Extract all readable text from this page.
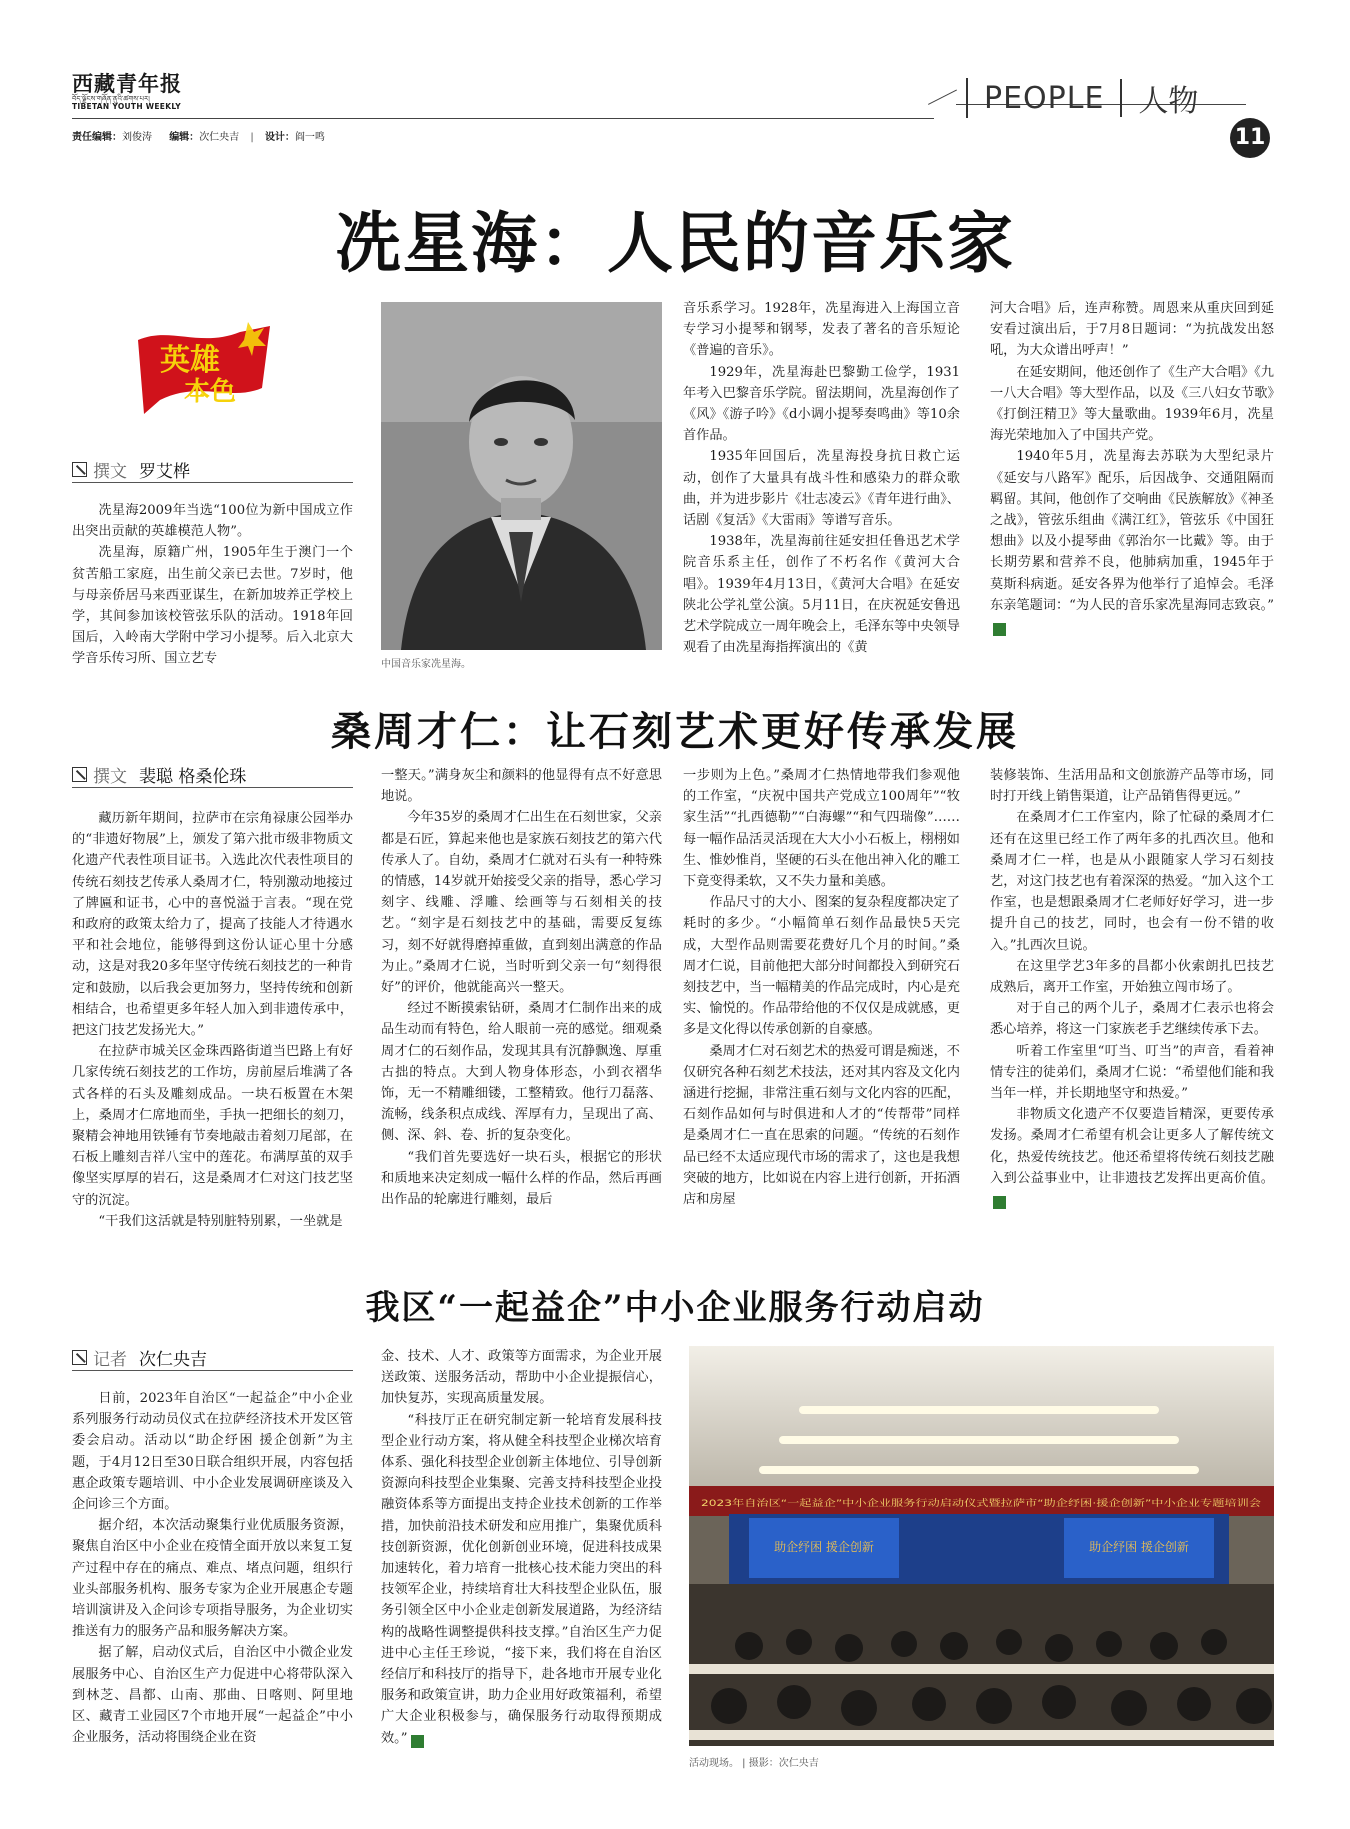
西藏青年报
བོད་ལྗོངས་གཞོན་ནུའི་ཚགས་པར།
TIBETAN YOUTH WEEKLY
责任编辑：刘俊涛 编辑：次仁央吉 | 设计：阎一鸣
PEOPLE 人物
11
冼星海：人民的音乐家
英雄
本色
撰文 罗艾桦

冼星海2009年当选“100位为新中国成立作出突出贡献的英雄模范人物”。

冼星海，原籍广州，1905年生于澳门一个贫苦船工家庭，出生前父亲已去世。7岁时，他与母亲侨居马来西亚谋生，在新加坡养正学校上学，其间参加该校管弦乐队的活动。1918年回国后，入岭南大学附中学习小提琴。后入北京大学音乐传习所、国立艺专	中国音乐家冼星海。

音乐系学习。1928年，冼星海进入上海国立音专学习小提琴和钢琴，发表了著名的音乐短论《普遍的音乐》。

1929年，冼星海赴巴黎勤工俭学，1931年考入巴黎音乐学院。留法期间，冼星海创作了《风》《游子吟》《d小调小提琴奏鸣曲》等10余首作品。

1935年回国后，冼星海投身抗日救亡运动，创作了大量具有战斗性和感染力的群众歌曲，并为进步影片《壮志凌云》《青年进行曲》、话剧《复活》《大雷雨》等谱写音乐。

1938年，冼星海前往延安担任鲁迅艺术学院音乐系主任，创作了不朽名作《黄河大合唱》。1939年4月13日，《黄河大合唱》在延安陕北公学礼堂公演。5月11日，在庆祝延安鲁迅艺术学院成立一周年晚会上，毛泽东等中央领导观看了由冼星海指挥演出的《黄

河大合唱》后，连声称赞。周恩来从重庆回到延安看过演出后，于7月8日题词：“为抗战发出怒吼，为大众谱出呼声！”

在延安期间，他还创作了《生产大合唱》《九一八大合唱》等大型作品，以及《三八妇女节歌》《打倒汪精卫》等大量歌曲。1939年6月，冼星海光荣地加入了中国共产党。

1940年5月，冼星海去苏联为大型纪录片《延安与八路军》配乐，后因战争、交通阻隔而羁留。其间，他创作了交响曲《民族解放》《神圣之战》，管弦乐组曲《满江红》，管弦乐《中国狂想曲》以及小提琴曲《郭治尔一比戴》等。由于长期劳累和营养不良，他肺病加重，1945年于莫斯科病逝。延安各界为他举行了追悼会。毛泽东亲笔题词：“为人民的音乐家冼星海同志致哀。”青

桑周才仁：让石刻艺术更好传承发展
撰文 裴聪 格桑伦珠

藏历新年期间，拉萨市在宗角禄康公园举办的“非遗好物展”上，颁发了第六批市级非物质文化遗产代表性项目证书。入选此次代表性项目的传统石刻技艺传承人桑周才仁，特别激动地接过了牌匾和证书，心中的喜悦溢于言表。“现在党和政府的政策太给力了，提高了技能人才待遇水平和社会地位，能够得到这份认证心里十分感动，这是对我20多年坚守传统石刻技艺的一种肯定和鼓励，以后我会更加努力，坚持传统和创新相结合，也希望更多年轻人加入到非遗传承中，把这门技艺发扬光大。”

在拉萨市城关区金珠西路街道当巴路上有好几家传统石刻技艺的工作坊，房前屋后堆满了各式各样的石头及雕刻成品。一块石板置在木架上，桑周才仁席地而坐，手执一把细长的刻刀，聚精会神地用铁锤有节奏地敲击着刻刀尾部，在石板上雕刻吉祥八宝中的莲花。布满厚茧的双手像坚实厚厚的岩石，这是桑周才仁对这门技艺坚守的沉淀。

“干我们这活就是特别脏特别累，一坐就是

一整天。”满身灰尘和颜料的他显得有点不好意思地说。

今年35岁的桑周才仁出生在石刻世家，父亲都是石匠，算起来他也是家族石刻技艺的第六代传承人了。自幼，桑周才仁就对石头有一种特殊的情感，14岁就开始接受父亲的指导，悉心学习刻字、线雕、浮雕、绘画等与石刻相关的技艺。“刻字是石刻技艺中的基础，需要反复练习，刻不好就得磨掉重做，直到刻出满意的作品为止。”桑周才仁说，当时听到父亲一句“刻得很好”的评价，他就能高兴一整天。

经过不断摸索钻研，桑周才仁制作出来的成品生动而有特色，给人眼前一亮的感觉。细观桑周才仁的石刻作品，发现其具有沉静飘逸、厚重古拙的特点。大到人物身体形态，小到衣褶华饰，无一不精雕细镂，工整精致。他行刀磊落、流畅，线条积点成线、浑厚有力，呈现出了高、侧、深、斜、卷、折的复杂变化。

“我们首先要选好一块石头，根据它的形状和质地来决定刻成一幅什么样的作品，然后再画出作品的轮廓进行雕刻，最后

一步则为上色。”桑周才仁热情地带我们参观他的工作室，“庆祝中国共产党成立100周年”“牧家生活”“扎西德勒”“白海螺”“和气四瑞像”……每一幅作品活灵活现在大大小小石板上，栩栩如生、惟妙惟肖，坚硬的石头在他出神入化的雕工下竟变得柔软，又不失力量和美感。

作品尺寸的大小、图案的复杂程度都决定了耗时的多少。“小幅简单石刻作品最快5天完成，大型作品则需要花费好几个月的时间。”桑周才仁说，目前他把大部分时间都投入到研究石刻技艺中，当一幅精美的作品完成时，内心是充实、愉悦的。作品带给他的不仅仅是成就感，更多是文化得以传承创新的自豪感。

桑周才仁对石刻艺术的热爱可谓是痴迷，不仅研究各种石刻艺术技法，还对其内容及文化内涵进行挖掘，非常注重石刻与文化内容的匹配，石刻作品如何与时俱进和人才的“传帮带”同样是桑周才仁一直在思索的问题。“传统的石刻作品已经不太适应现代市场的需求了，这也是我想突破的地方，比如说在内容上进行创新，开拓酒店和房屋

装修装饰、生活用品和文创旅游产品等市场，同时打开线上销售渠道，让产品销售得更远。”

在桑周才仁工作室内，除了忙碌的桑周才仁还有在这里已经工作了两年多的扎西次旦。他和桑周才仁一样，也是从小跟随家人学习石刻技艺，对这门技艺也有着深深的热爱。“加入这个工作室，也是想跟桑周才仁老师好好学习，进一步提升自己的技艺，同时，也会有一份不错的收入。”扎西次旦说。

在这里学艺3年多的昌都小伙索朗扎巴技艺成熟后，离开工作室，开始独立闯市场了。

对于自己的两个儿子，桑周才仁表示也将会悉心培养，将这一门家族老手艺继续传承下去。

听着工作室里“叮当、叮当”的声音，看着神情专注的徒弟们，桑周才仁说：“希望他们能和我当年一样，并长期地坚守和热爱。”

非物质文化遗产不仅要造旨精深，更要传承发扬。桑周才仁希望有机会让更多人了解传统文化，热爱传统技艺。他还希望将传统石刻技艺融入到公益事业中，让非遗技艺发挥出更高价值。青

我区“一起益企”中小企业服务行动启动
记者 次仁央吉

日前，2023年自治区“一起益企”中小企业系列服务行动动员仪式在拉萨经济技术开发区管委会启动。活动以“助企纾困 援企创新”为主题，于4月12日至30日联合组织开展，内容包括惠企政策专题培训、中小企业发展调研座谈及入企问诊三个方面。

据介绍，本次活动聚集行业优质服务资源，聚焦自治区中小企业在疫情全面开放以来复工复产过程中存在的痛点、难点、堵点问题，组织行业头部服务机构、服务专家为企业开展惠企专题培训演讲及入企问诊专项指导服务，为企业切实推送有力的服务产品和服务解决方案。

据了解，启动仪式后，自治区中小微企业发展服务中心、自治区生产力促进中心将带队深入到林芝、昌都、山南、那曲、日喀则、阿里地区、藏青工业园区7个市地开展“一起益企”中小企业服务，活动将围绕企业在资

金、技术、人才、政策等方面需求，为企业开展送政策、送服务活动，帮助中小企业提振信心，加快复苏，实现高质量发展。

“科技厅正在研究制定新一轮培育发展科技型企业行动方案，将从健全科技型企业梯次培育体系、强化科技型企业创新主体地位、引导创新资源向科技型企业集聚、完善支持科技型企业投融资体系等方面提出支持企业技术创新的工作举措，加快前沿技术研发和应用推广，集聚优质科技创新资源，优化创新创业环境，促进科技成果加速转化，着力培育一批核心技术能力突出的科技领军企业，持续培育壮大科技型企业队伍，服务引领全区中小企业走创新发展道路，为经济结构的战略性调整提供科技支撑。”自治区生产力促进中心主任王珍说，“接下来，我们将在自治区经信厅和科技厅的指导下，赴各地市开展专业化服务和政策宣讲，助力企业用好政策福利，希望广大企业积极参与，确保服务行动取得预期成效。”	青

2023年自治区“一起益企”中小企业服务行动启动仪式暨拉萨市“助企纾困·援企创新”中小企业专题培训会
助企纾困 援企创新	助企纾困 援企创新
活动现场。 | 摄影：次仁央吉
